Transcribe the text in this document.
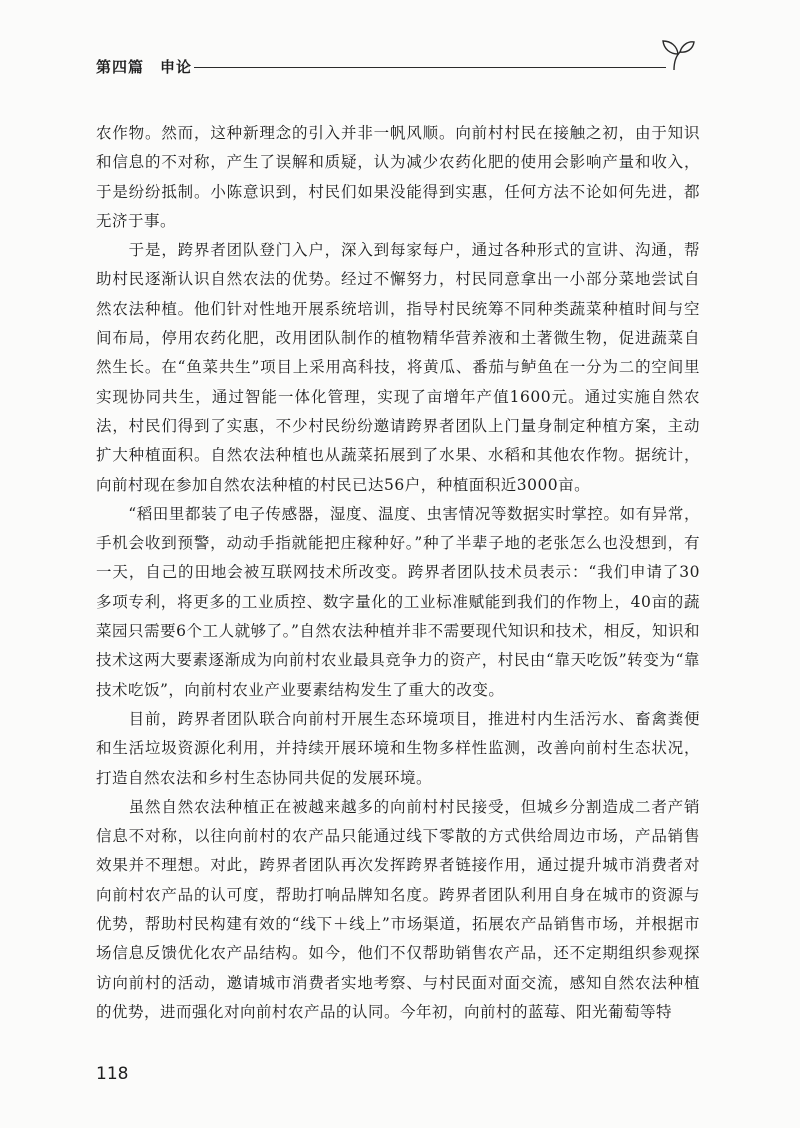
第四篇　申论

农作物。然而，这种新理念的引入并非一帆风顺。向前村村民在接触之初，由于知识和信息的不对称，产生了误解和质疑，认为减少农药化肥的使用会影响产量和收入，于是纷纷抵制。小陈意识到，村民们如果没能得到实惠，任何方法不论如何先进，都无济于事。

　　于是，跨界者团队登门入户，深入到每家每户，通过各种形式的宣讲、沟通，帮助村民逐渐认识自然农法的优势。经过不懈努力，村民同意拿出一小部分菜地尝试自然农法种植。他们针对性地开展系统培训，指导村民统筹不同种类蔬菜种植时间与空间布局，停用农药化肥，改用团队制作的植物精华营养液和土著微生物，促进蔬菜自然生长。在“鱼菜共生”项目上采用高科技，将黄瓜、番茄与鲈鱼在一分为二的空间里实现协同共生，通过智能一体化管理，实现了亩增年产值1600元。通过实施自然农法，村民们得到了实惠，不少村民纷纷邀请跨界者团队上门量身制定种植方案，主动扩大种植面积。自然农法种植也从蔬菜拓展到了水果、水稻和其他农作物。据统计，向前村现在参加自然农法种植的村民已达56户，种植面积近3000亩。

　　“稻田里都装了电子传感器，湿度、温度、虫害情况等数据实时掌控。如有异常，手机会收到预警，动动手指就能把庄稼种好。”种了半辈子地的老张怎么也没想到，有一天，自己的田地会被互联网技术所改变。跨界者团队技术员表示：“我们申请了30多项专利，将更多的工业质控、数字量化的工业标准赋能到我们的作物上，40亩的蔬菜园只需要6个工人就够了。”自然农法种植并非不需要现代知识和技术，相反，知识和技术这两大要素逐渐成为向前村农业最具竞争力的资产，村民由“靠天吃饭”转变为“靠技术吃饭”，向前村农业产业要素结构发生了重大的改变。

　　目前，跨界者团队联合向前村开展生态环境项目，推进村内生活污水、畜禽粪便和生活垃圾资源化利用，并持续开展环境和生物多样性监测，改善向前村生态状况，打造自然农法和乡村生态协同共促的发展环境。

　　虽然自然农法种植正在被越来越多的向前村村民接受，但城乡分割造成二者产销信息不对称，以往向前村的农产品只能通过线下零散的方式供给周边市场，产品销售效果并不理想。对此，跨界者团队再次发挥跨界者链接作用，通过提升城市消费者对向前村农产品的认可度，帮助打响品牌知名度。跨界者团队利用自身在城市的资源与优势，帮助村民构建有效的“线下＋线上”市场渠道，拓展农产品销售市场，并根据市场信息反馈优化农产品结构。如今，他们不仅帮助销售农产品，还不定期组织参观探访向前村的活动，邀请城市消费者实地考察、与村民面对面交流，感知自然农法种植的优势，进而强化对向前村农产品的认同。今年初，向前村的蓝莓、阳光葡萄等特

118
